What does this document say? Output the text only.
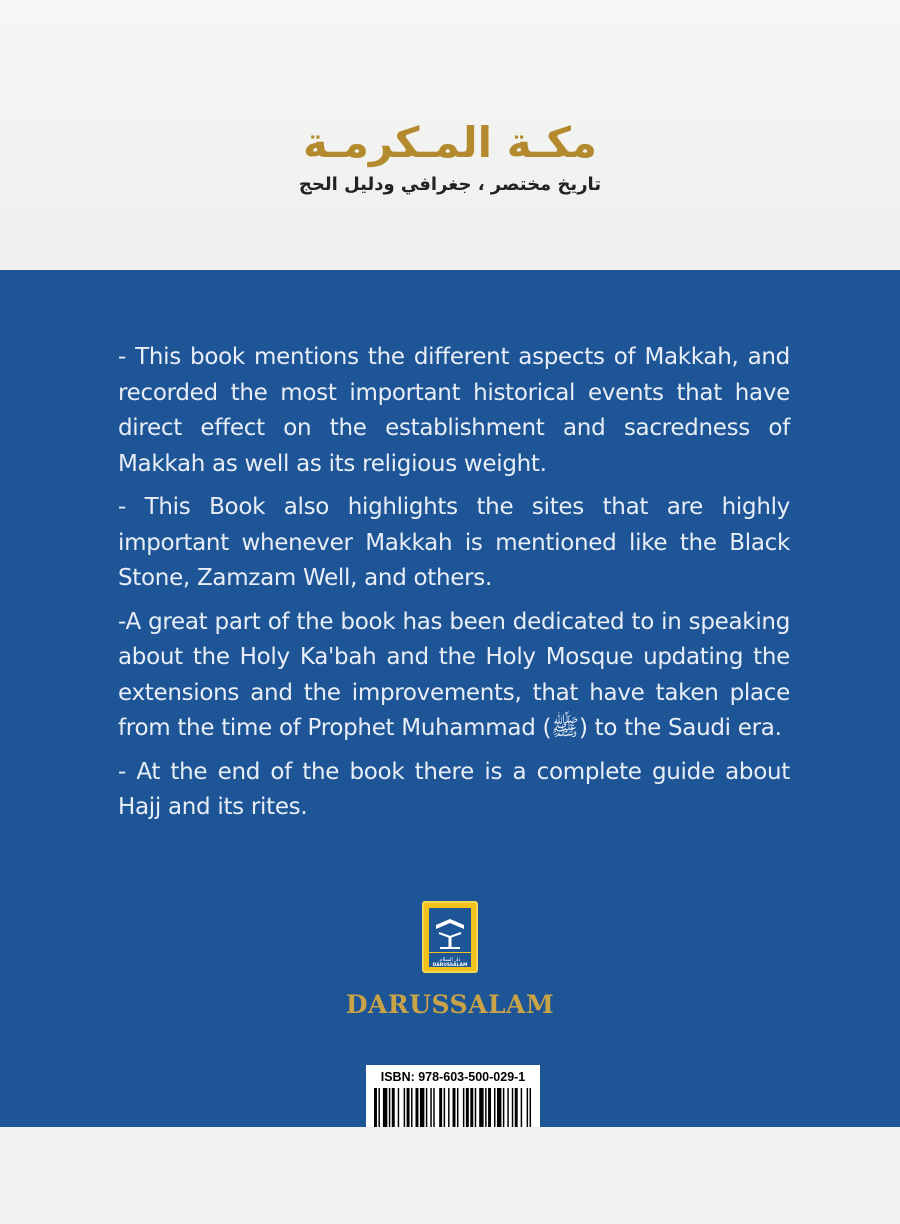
مكـة المـكرمـة
تاريخ مختصر ، جغرافي ودليل الحج

- This book mentions the different aspects of Makkah, and recorded the most important historical events that have direct effect on the establishment and sacredness of Makkah as well as its religious weight.

- This Book also highlights the sites that are highly important whenever Makkah is mentioned like the Black Stone, Zamzam Well, and others.

-A great part of the book has been dedicated to in speaking about the Holy Ka'bah and the Holy Mosque updating the extensions and the improvements, that have taken place from the time of Prophet Muhammad (ﷺ) to the Saudi era.

- At the end of the book there is a complete guide about Hajj and its rites.

دار السلام
DARUSSALAM
DARUSSALAM
ISBN: 978-603-500-029-1
